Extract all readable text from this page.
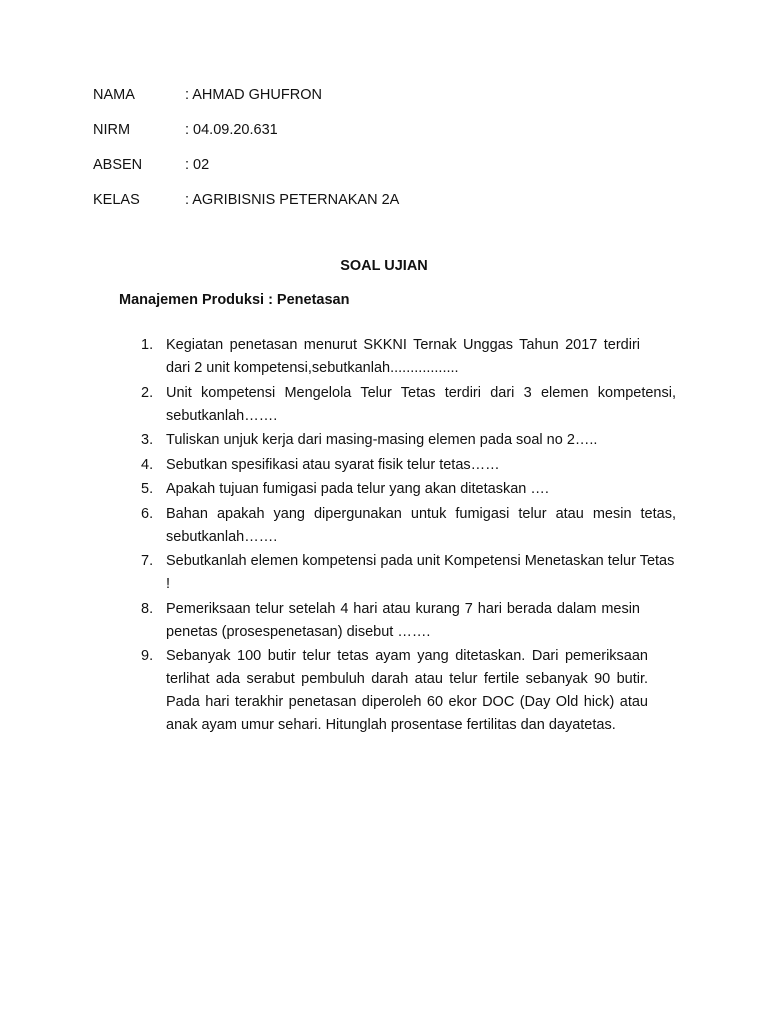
NAMA	: AHMAD GHUFRON
NIRM	: 04.09.20.631
ABSEN	: 02
KELAS	: AGRIBISNIS PETERNAKAN 2A
SOAL UJIAN
Manajemen Produksi : Penetasan
1. Kegiatan penetasan menurut SKKNI Ternak Unggas Tahun 2017 terdiri dari 2 unit kompetensi,sebutkanlah.................
2. Unit kompetensi Mengelola Telur Tetas terdiri dari 3 elemen kompetensi, sebutkanlah…….
3. Tuliskan unjuk kerja dari masing-masing elemen pada soal no 2…..
4. Sebutkan spesifikasi atau syarat fisik telur tetas……
5. Apakah tujuan fumigasi pada telur yang akan ditetaskan ….
6. Bahan apakah yang dipergunakan untuk fumigasi telur atau mesin tetas, sebutkanlah…….
7. Sebutkanlah elemen kompetensi pada unit Kompetensi Menetaskan telur Tetas !
8. Pemeriksaan telur setelah 4 hari atau kurang 7 hari berada dalam mesin penetas (prosespenetasan) disebut …….
9. Sebanyak 100 butir telur tetas ayam yang ditetaskan. Dari pemeriksaan terlihat ada serabut pembuluh darah atau telur fertile sebanyak 90 butir. Pada hari terakhir penetasan diperoleh 60 ekor DOC (Day Old hick) atau anak ayam umur sehari. Hitunglah prosentase fertilitas dan dayatetas.
